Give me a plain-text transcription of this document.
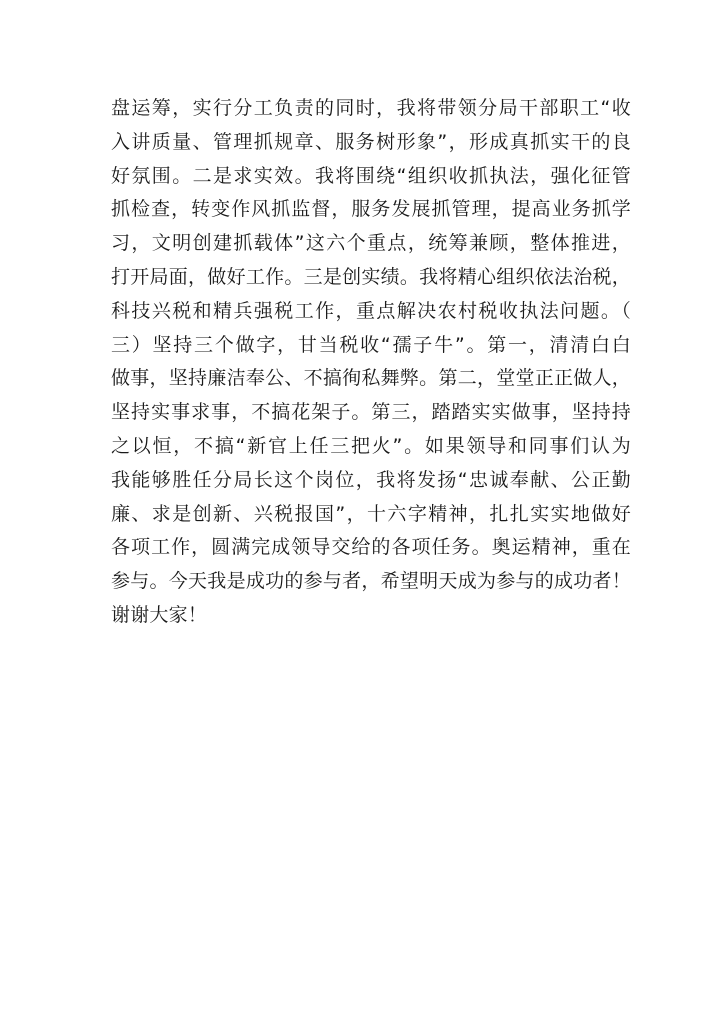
盘运筹，实行分工负责的同时，我将带领分局干部职工“收
入讲质量、管理抓规章、服务树形象”，形成真抓实干的良
好氛围。二是求实效。我将围绕“组织收抓执法，强化征管
抓检查，转变作风抓监督，服务发展抓管理，提高业务抓学
习，文明创建抓载体”这六个重点，统筹兼顾，整体推进，
打开局面，做好工作。三是创实绩。我将精心组织依法治税，
科技兴税和精兵强税工作，重点解决农村税收执法问题。（
三）坚持三个做字，甘当税收“孺子牛”。第一，清清白白
做事，坚持廉洁奉公、不搞徇私舞弊。第二，堂堂正正做人，
坚持实事求事，不搞花架子。第三，踏踏实实做事，坚持持
之以恒，不搞“新官上任三把火”。如果领导和同事们认为
我能够胜任分局长这个岗位，我将发扬“忠诚奉献、公正勤
廉、求是创新、兴税报国”，十六字精神，扎扎实实地做好
各项工作，圆满完成领导交给的各项任务。奥运精神，重在
参与。今天我是成功的参与者，希望明天成为参与的成功者！
谢谢大家！
